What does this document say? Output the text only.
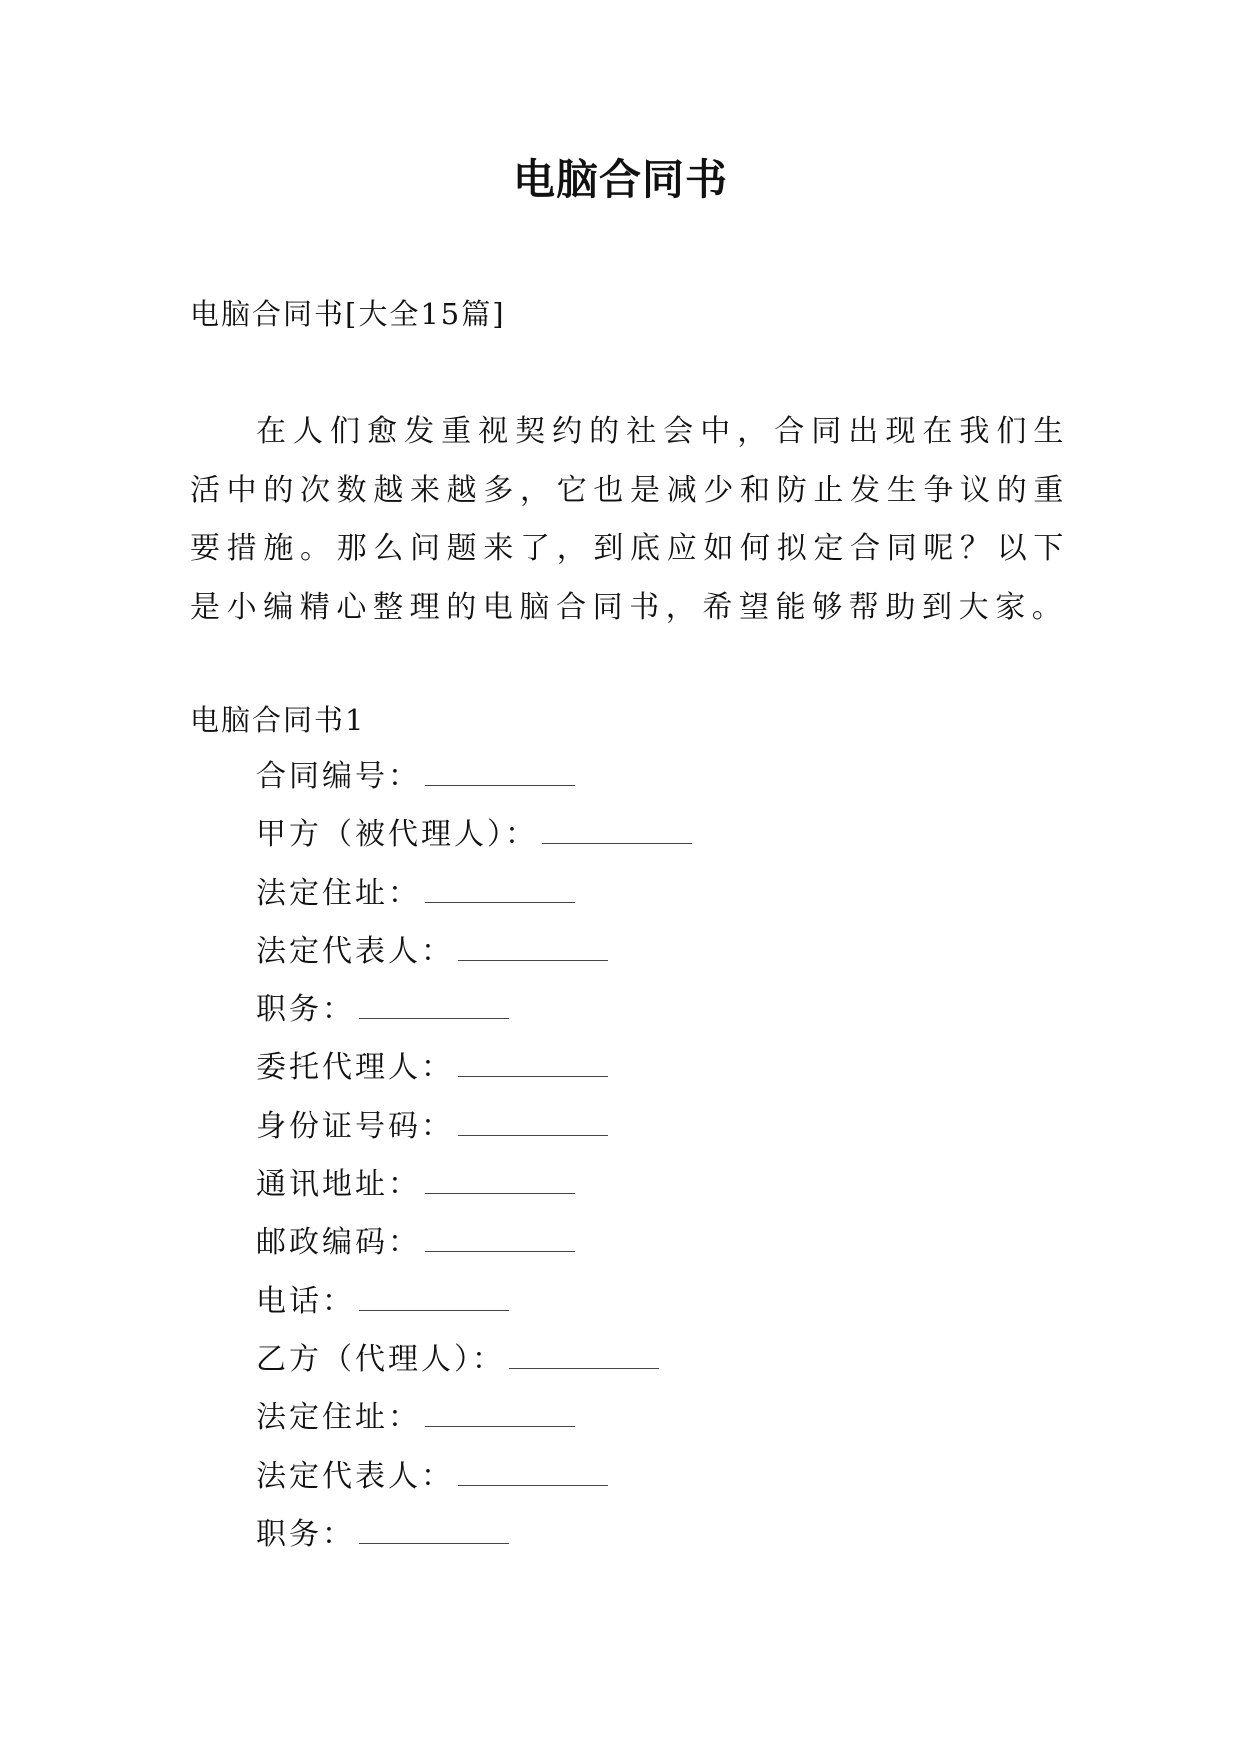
电脑合同书
电脑合同书[大全15篇]

在人们愈发重视契约的社会中，合同出现在我们生活中的次数越来越多，它也是减少和防止发生争议的重要措施。那么问题来了，到底应如何拟定合同呢？以下是小编精心整理的电脑合同书，希望能够帮助到大家。

电脑合同书1
合同编号：
甲方（被代理人）：
法定住址：
法定代表人：
职务：
委托代理人：
身份证号码：
通讯地址：
邮政编码：
电话：
乙方（代理人）：
法定住址：
法定代表人：
职务：
